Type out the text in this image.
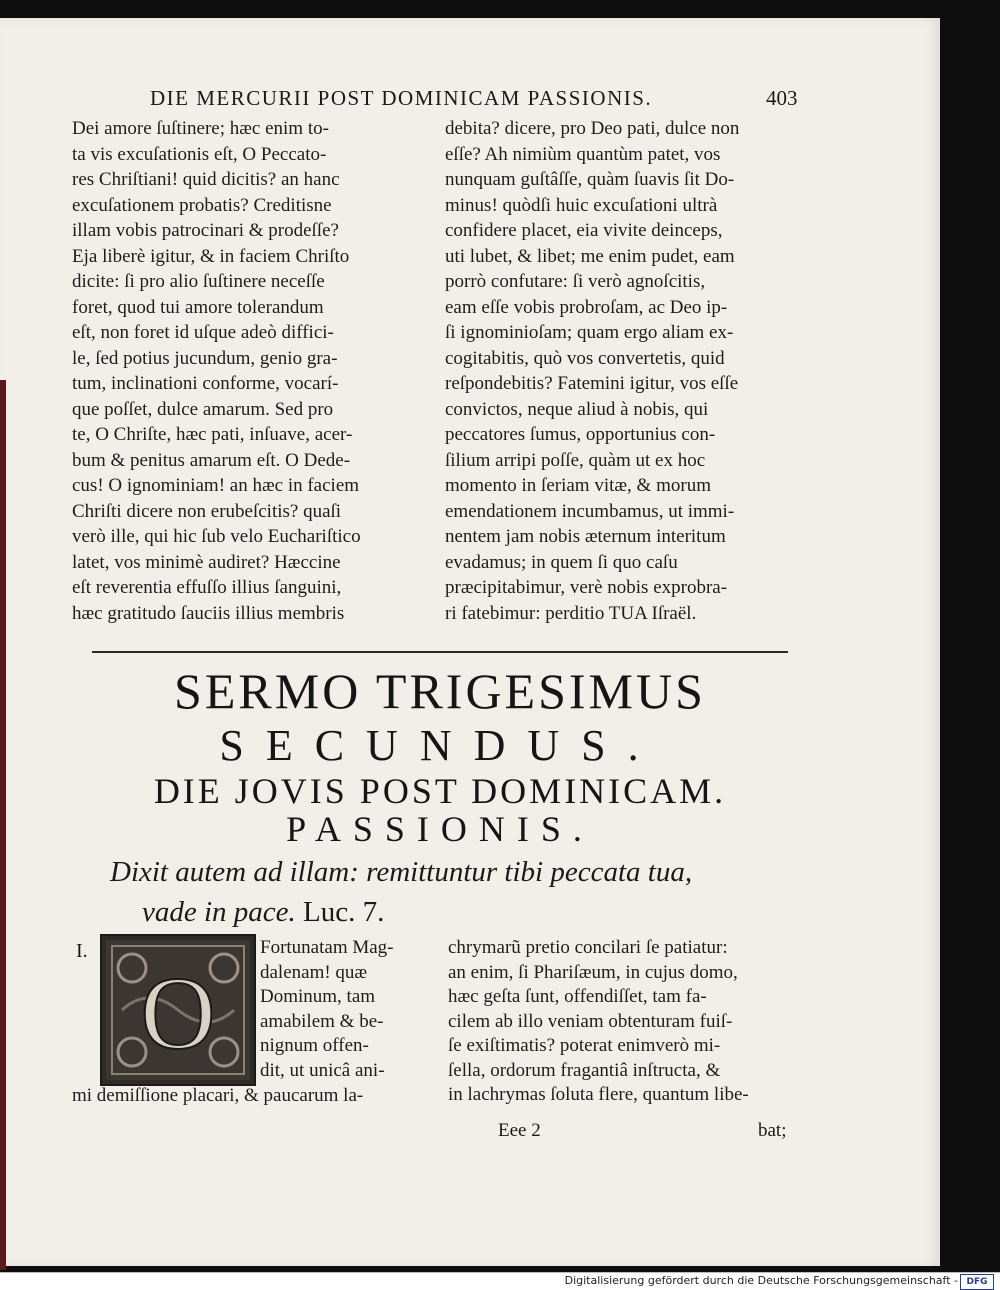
DIE MERCURII POST DOMINICAM PASSIONIS.	403
Dei amore ſuſtinere; hæc enim to-
ta vis excuſationis eſt, O Peccato-
res Chriſtiani! quid dicitis? an hanc
excuſationem probatis? Creditisne
illam vobis patrocinari & prodeſſe?
Eja liberè igitur, & in faciem Chriſto
dicite: ſi pro alio ſuſtinere neceſſe
foret, quod tui amore tolerandum
eſt, non foret id uſque adeò diffici-
le, ſed potius jucundum, genio gra-
tum, inclinationi conforme, vocarí-
que poſſet, dulce amarum. Sed pro
te, O Chriſte, hæc pati, inſuave, acer-
bum & penitus amarum eſt. O Dede-
cus! O ignominiam! an hæc in faciem
Chriſti dicere non erubeſcitis? quaſi
verò ille, qui hic ſub velo Euchariſtico
latet, vos minimè audiret? Hæccine
eſt reverentia effuſſo illius ſanguini,
hæc gratitudo ſauciis illius membris
debita? dicere, pro Deo pati, dulce non
eſſe? Ah nimiùm quantùm patet, vos
nunquam guſtâſſe, quàm ſuavis ſit Do-
minus! quòdſi huic excuſationi ultrà
confidere placet, eia vivite deinceps,
uti lubet, & libet; me enim pudet, eam
porrò confutare: ſi verò agnoſcitis,
eam eſſe vobis probroſam, ac Deo ip-
ſi ignominioſam; quam ergo aliam ex-
cogitabitis, quò vos convertetis, quid
reſpondebitis? Fatemini igitur, vos eſſe
convictos, neque aliud à nobis, qui
peccatores ſumus, opportunius con-
ſilium arripi poſſe, quàm ut ex hoc
momento in ſeriam vitæ, & morum
emendationem incumbamus, ut immi-
nentem jam nobis æternum interitum
evadamus; in quem ſi quo caſu
præcipitabimur, verè nobis exprobra-
ri fatebimur: perditio TUA Iſraël.
SERMO TRIGESIMUS
SECUNDUS.
DIE JOVIS POST DOMINICAM.
PASSIONIS.
Dixit autem ad illam: remittuntur tibi peccata tua,
vade in pace. Luc. 7.
I.
O
Fortunatam Mag-
dalenam! quæ
Dominum, tam
amabilem & be-
nignum offen-
dit, ut unicâ ani-
mi demiſſione placari, & paucarum la-
chrymarũ pretio concilari ſe patiatur:
an enim, ſi Phariſæum, in cujus domo,
hæc geſta ſunt, offendiſſet, tam fa-
cilem ab illo veniam obtenturam fuiſ-
ſe exiſtimatis? poterat enimverò mi-
ſella, ordorum fragantiâ inſtructa, &
in lachrymas ſoluta flere, quantum libe-
Eee 2	bat;
Digitalisierung gefördert durch die Deutsche Forschungsgemeinschaft - DFG
